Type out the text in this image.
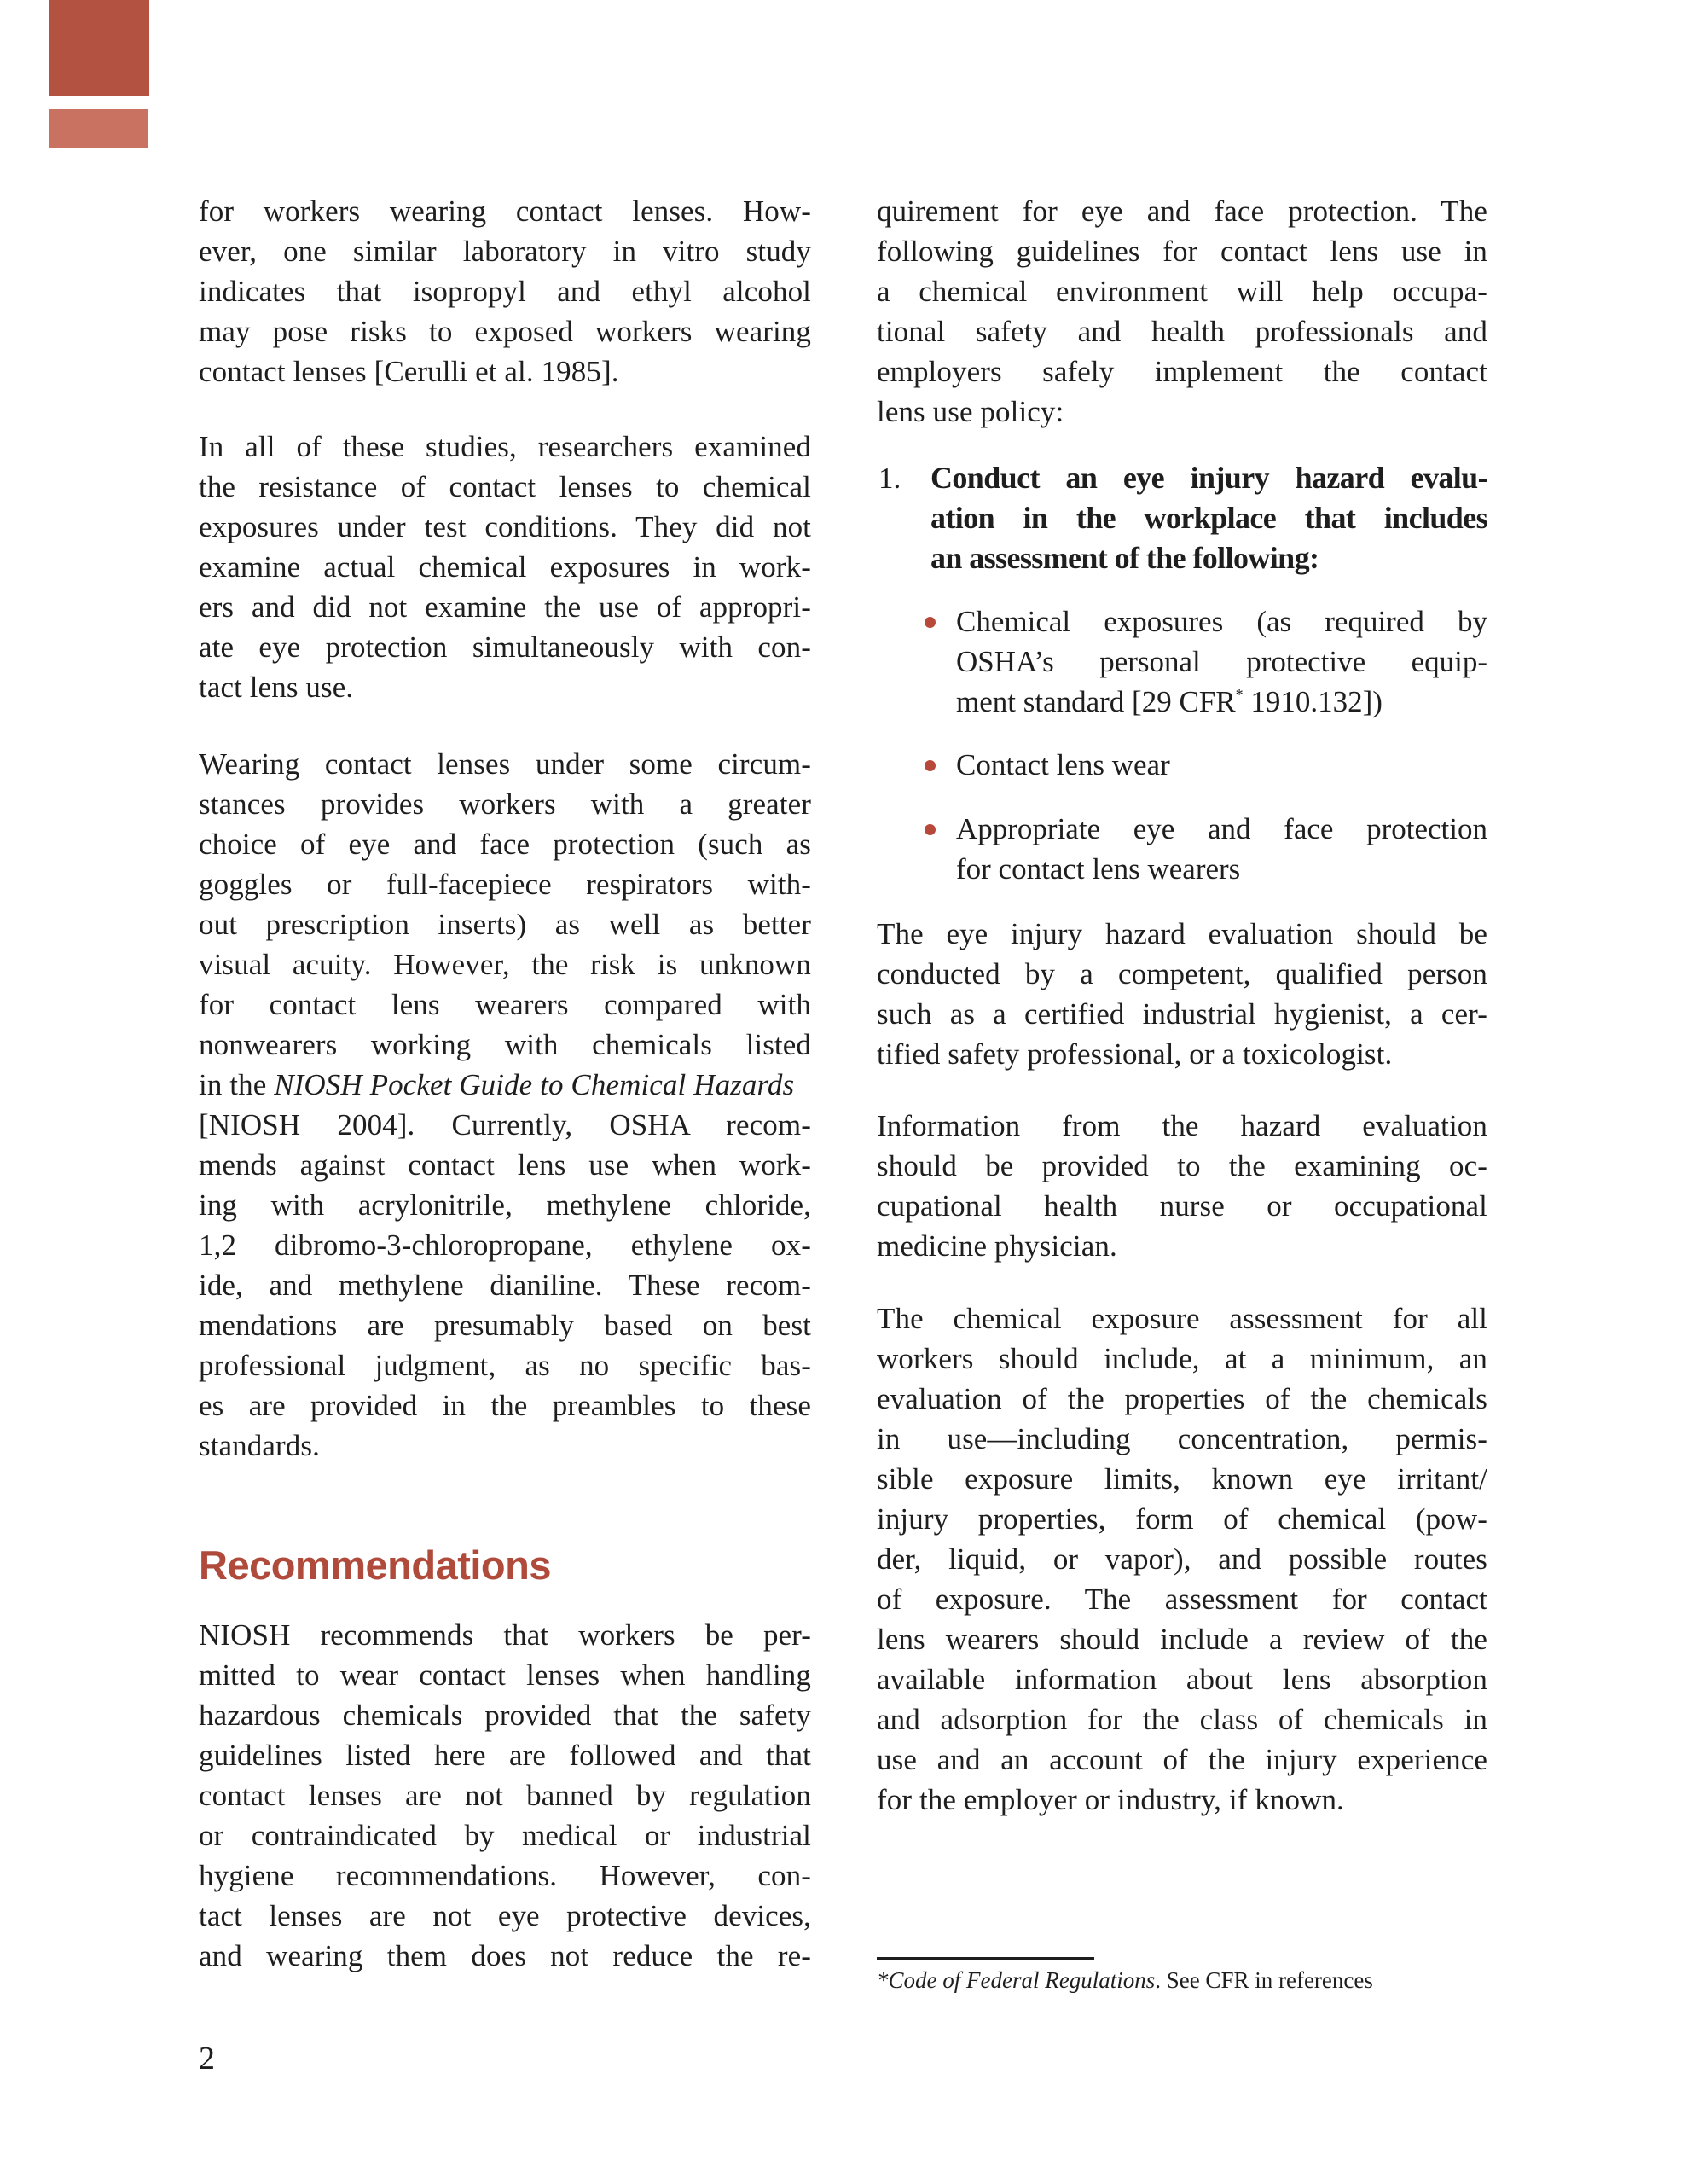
for workers wearing contact lenses. How-
ever, one similar laboratory in vitro study
indicates that isopropyl and ethyl alcohol
may pose risks to exposed workers wearing
contact lenses [Cerulli et al. 1985].
In all of these studies, researchers examined
the resistance of contact lenses to chemical
exposures under test conditions. They did not
examine actual chemical exposures in work-
ers and did not examine the use of appropri-
ate eye protection simultaneously with con-
tact lens use.
Wearing contact lenses under some circum-
stances provides workers with a greater
choice of eye and face protection (such as
goggles or full-facepiece respirators with-
out prescription inserts) as well as better
visual acuity. However, the risk is unknown
for contact lens wearers compared with
nonwearers working with chemicals listed
in the NIOSH Pocket Guide to Chemical Hazards
[NIOSH 2004]. Currently, OSHA recom-
mends against contact lens use when work-
ing with acrylonitrile, methylene chloride,
1,2 dibromo-3-chloropropane, ethylene ox-
ide, and methylene dianiline. These recom-
mendations are presumably based on best
professional judgment, as no specific bas-
es are provided in the preambles to these
standards.
Recommendations
NIOSH recommends that workers be per-
mitted to wear contact lenses when handling
hazardous chemicals provided that the safety
guidelines listed here are followed and that
contact lenses are not banned by regulation
or contraindicated by medical or industrial
hygiene recommendations. However, con-
tact lenses are not eye protective devices,
and wearing them does not reduce the re-
quirement for eye and face protection. The
following guidelines for contact lens use in
a chemical environment will help occupa-
tional safety and health professionals and
employers safely implement the contact
lens use policy:
1. Conduct an eye injury hazard evalu-
ation in the workplace that includes
an assessment of the following:
Chemical exposures (as required by
OSHA’s personal protective equip-
ment standard [29 CFR* 1910.132])
Contact lens wear
Appropriate eye and face protection
for contact lens wearers
The eye injury hazard evaluation should be
conducted by a competent, qualified person
such as a certified industrial hygienist, a cer-
tified safety professional, or a toxicologist.
Information from the hazard evaluation
should be provided to the examining oc-
cupational health nurse or occupational
medicine physician.
The chemical exposure assessment for all
workers should include, at a minimum, an
evaluation of the properties of the chemicals
in use—including concentration, permis-
sible exposure limits, known eye irritant/
injury properties, form of chemical (pow-
der, liquid, or vapor), and possible routes
of exposure. The assessment for contact
lens wearers should include a review of the
available information about lens absorption
and adsorption for the class of chemicals in
use and an account of the injury experience
for the employer or industry, if known.
*Code of Federal Regulations. See CFR in references
2
